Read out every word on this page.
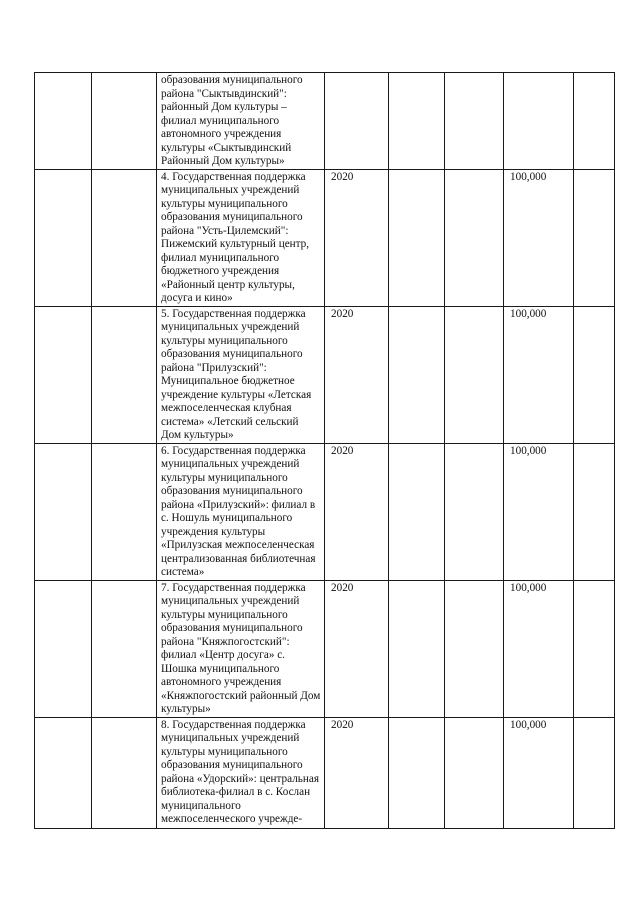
		образования муниципального района "Сыктывдинский": районный Дом культуры – филиал муниципального автономного учреждения культуры «Сыктывдинский Районный Дом культуры»					
		4. Государственная поддержка муниципальных учреждений культуры муниципального образования муниципального района "Усть-Цилемский": Пижемский культурный центр, филиал муниципального бюджетного учреждения «Районный центр культуры, досуга и кино»	2020			100,000	
		5. Государственная поддержка муниципальных учреждений культуры муниципального образования муниципального района "Прилузский": Муниципальное бюджетное учреждение культуры «Летская межпоселенческая клубная система» «Летский сельский Дом культуры»	2020			100,000	
		6. Государственная поддержка муниципальных учреждений культуры муниципального образования муниципального района «Прилузский»: филиал в с. Ношуль муниципального учреждения культуры «Прилузская межпоселенческая централизованная библиотечная система»	2020			100,000	
		7. Государственная поддержка муниципальных учреждений культуры муниципального образования муниципального района "Княжпогостский": филиал «Центр досуга» с. Шошка муниципального автономного учреждения «Княжпогостский районный Дом культуры»	2020			100,000	
		8. Государственная поддержка муниципальных учреждений культуры муниципального образования муниципального района «Удорский»: центральная библиотека-филиал в с. Кослан муниципального межпоселенческого учрежде-	2020			100,000	
